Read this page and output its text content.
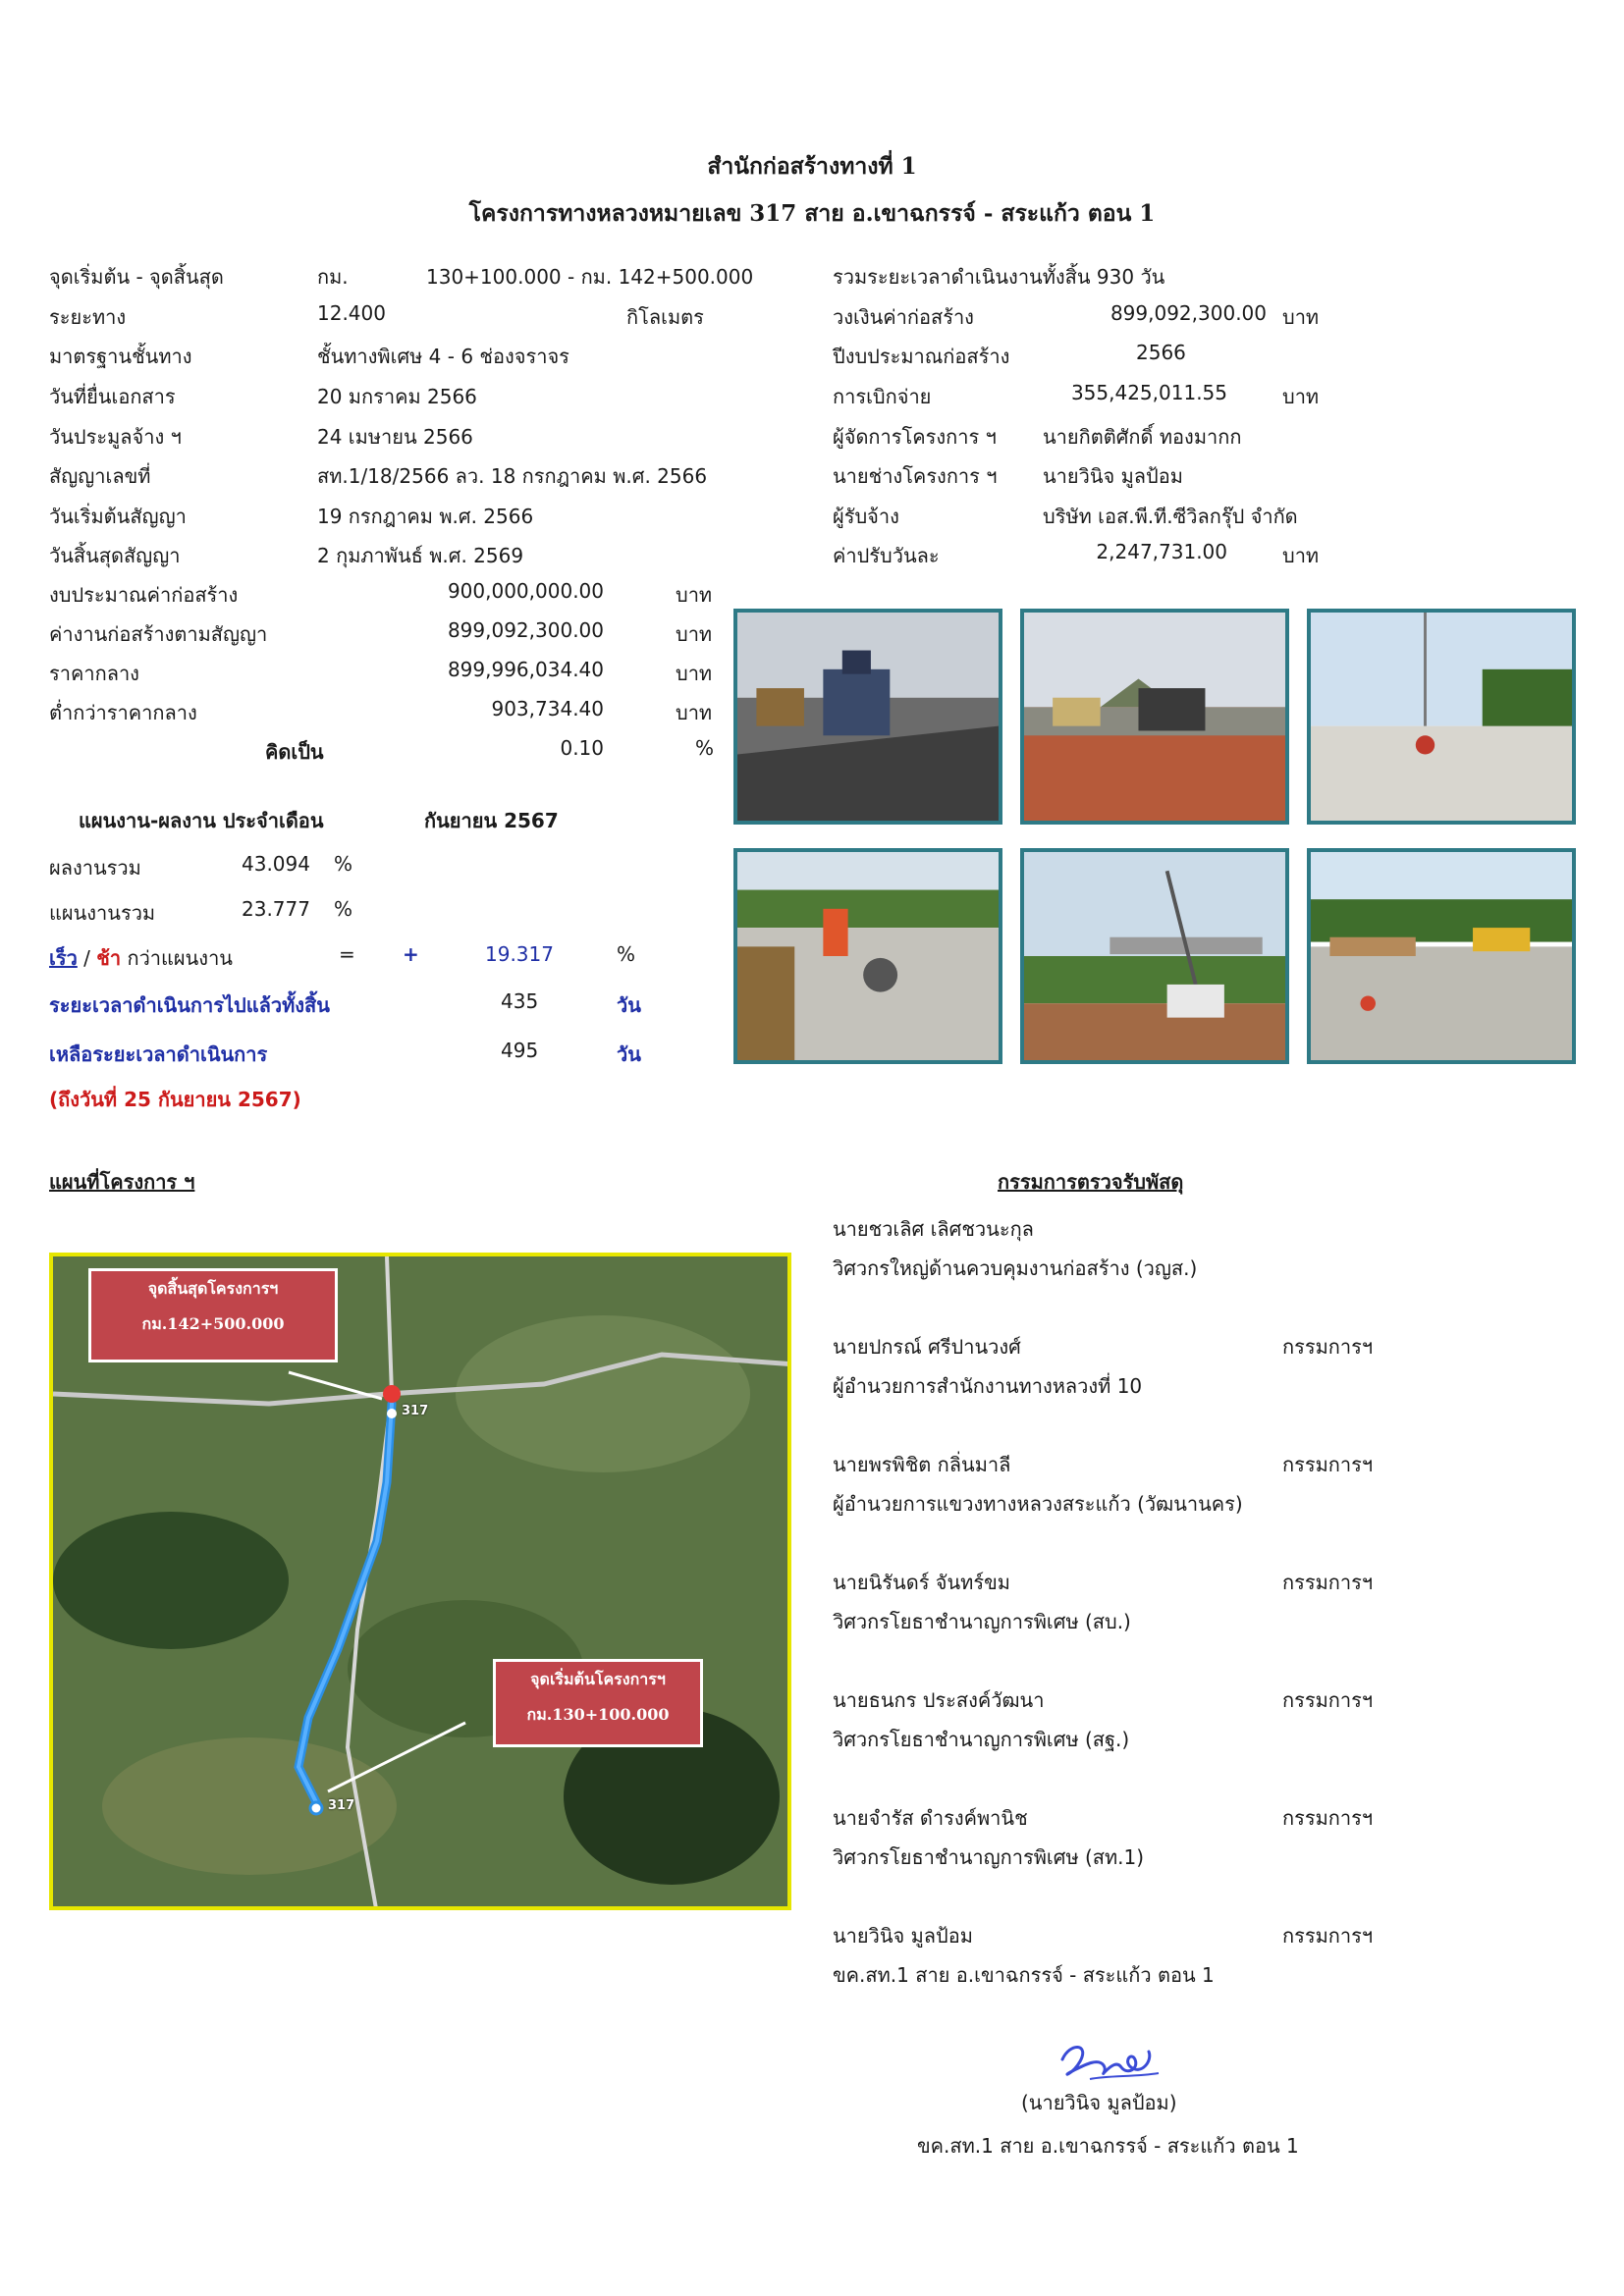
สำนักก่อสร้างทางที่ 1
โครงการทางหลวงหมายเลข 317 สาย อ.เขาฉกรรจ์ - สระแก้ว ตอน 1
จุดเริ่มต้น - จุดสิ้นสุด	กม.	130+100.000 - กม. 142+500.000
ระยะทาง	12.400	กิโลเมตร
มาตรฐานชั้นทาง	ชั้นทางพิเศษ 4 - 6 ช่องจราจร
วันที่ยื่นเอกสาร	20 มกราคม 2566
วันประมูลจ้าง ฯ	24 เมษายน 2566
สัญญาเลขที่	สท.1/18/2566 ลว. 18 กรกฎาคม พ.ศ. 2566
วันเริ่มต้นสัญญา	19 กรกฎาคม พ.ศ. 2566
วันสิ้นสุดสัญญา	2 กุมภาพันธ์ พ.ศ. 2569
งบประมาณค่าก่อสร้าง	900,000,000.00	บาท
ค่างานก่อสร้างตามสัญญา	899,092,300.00	บาท
ราคากลาง	899,996,034.40	บาท
ต่ำกว่าราคากลาง	903,734.40	บาท
คิดเป็น	0.10	%
รวมระยะเวลาดำเนินงานทั้งสิ้น 930 วัน
วงเงินค่าก่อสร้าง	899,092,300.00 บาท
ปีงบประมาณก่อสร้าง	2566
การเบิกจ่าย	355,425,011.55	บาท
ผู้จัดการโครงการ ฯ นายกิตติศักดิ์ ทองมากก
นายช่างโครงการ ฯ นายวินิจ มูลป้อม
ผู้รับจ้าง	บริษัท เอส.พี.ที.ซีวิลกรุ๊ป จำกัด
ค่าปรับวันละ	2,247,731.00	บาท
แผนงาน-ผลงาน ประจำเดือน	กันยายน 2567
ผลงานรวม	43.094 %
แผนงานรวม	23.777 %
เร็ว / ช้า กว่าแผนงาน	= +	19.317	%
ระยะเวลาดำเนินการไปแล้วทั้งสิ้น	435	วัน
เหลือระยะเวลาดำเนินการ	495	วัน
(ถึงวันที่ 25 กันยายน 2567)
แผนที่โครงการ ฯ
317
317
จุดสิ้นสุดโครงการฯ
กม.142+500.000
จุดเริ่มต้นโครงการฯ
กม.130+100.000
กรรมการตรวจรับพัสดุ
นายชวเลิศ เลิศชวนะกุล
วิศวกรใหญ่ด้านควบคุมงานก่อสร้าง (วญส.)
นายปกรณ์ ศรีปานวงศ์	กรรมการฯ
ผู้อำนวยการสำนักงานทางหลวงที่ 10
นายพรพิชิต กลิ่นมาลี	กรรมการฯ
ผู้อำนวยการแขวงทางหลวงสระแก้ว (วัฒนานคร)
นายนิรันดร์ จันทร์ขม	กรรมการฯ
วิศวกรโยธาชำนาญการพิเศษ (สบ.)
นายธนกร ประสงค์วัฒนา	กรรมการฯ
วิศวกรโยธาชำนาญการพิเศษ (สฐ.)
นายจำรัส ดำรงค์พานิช	กรรมการฯ
วิศวกรโยธาชำนาญการพิเศษ (สท.1)
นายวินิจ มูลป้อม	กรรมการฯ
ขค.สท.1 สาย อ.เขาฉกรรจ์ - สระแก้ว ตอน 1
(นายวินิจ มูลป้อม)
ขค.สท.1 สาย อ.เขาฉกรรจ์ - สระแก้ว ตอน 1
